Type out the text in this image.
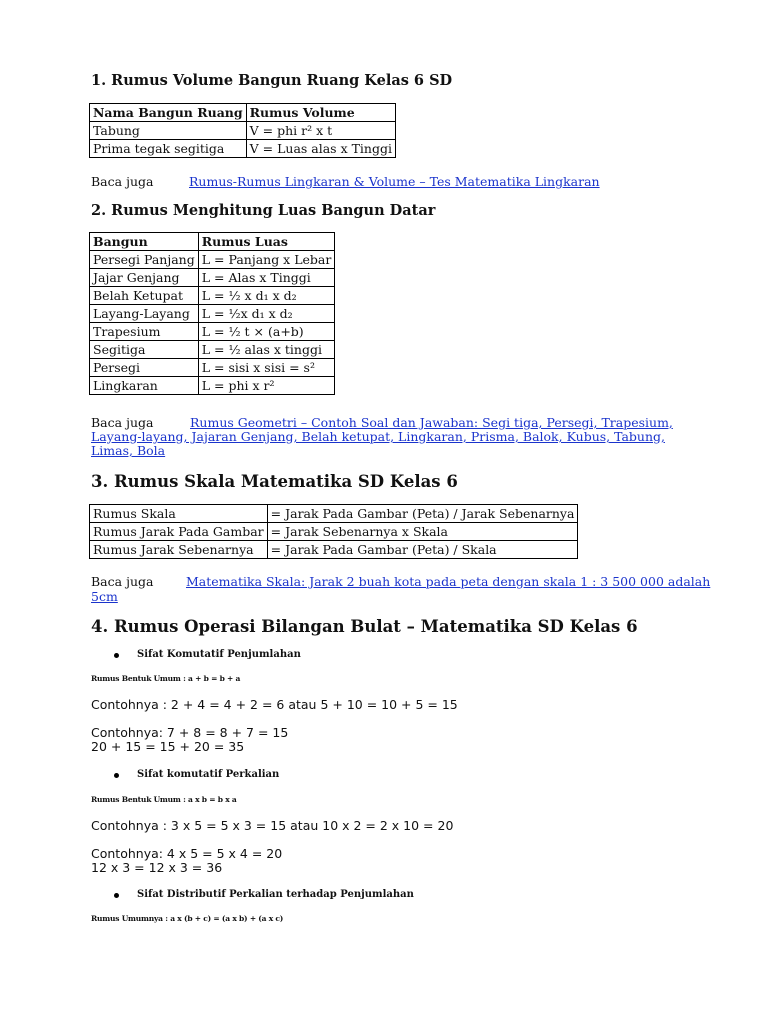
1. Rumus Volume Bangun Ruang Kelas 6 SD
Nama Bangun Ruang	Rumus Volume
Tabung	V = phi r² x t
Prima tegak segitiga	V = Luas alas x Tinggi
Baca juga	Rumus-Rumus Lingkaran & Volume – Tes Matematika Lingkaran
2. Rumus Menghitung Luas Bangun Datar
Bangun	Rumus Luas
Persegi Panjang	L = Panjang x Lebar
Jajar Genjang	L = Alas x Tinggi
Belah Ketupat	L = ½ x d₁ x d₂
Layang-Layang	L = ½x d₁ x d₂
Trapesium	L = ½ t × (a+b)
Segitiga	L = ½ alas x tinggi
Persegi	L = sisi x sisi = s²
Lingkaran	L = phi x r²
Baca juga	Rumus Geometri – Contoh Soal dan Jawaban: Segi tiga, Persegi, Trapesium,
Layang-layang, Jajaran Genjang, Belah ketupat, Lingkaran, Prisma, Balok, Kubus, Tabung,
Limas, Bola
3. Rumus Skala Matematika SD Kelas 6
Rumus Skala	= Jarak Pada Gambar (Peta) / Jarak Sebenarnya
Rumus Jarak Pada Gambar	= Jarak Sebenarnya x Skala
Rumus Jarak Sebenarnya	= Jarak Pada Gambar (Peta) / Skala
Baca juga	Matematika Skala: Jarak 2 buah kota pada peta dengan skala 1 : 3 500 000 adalah
5cm
4. Rumus Operasi Bilangan Bulat – Matematika SD Kelas 6
Sifat Komutatif Penjumlahan
Rumus Bentuk Umum : a + b = b + a
Contohnya : 2 + 4 = 4 + 2 = 6 atau 5 + 10 = 10 + 5 = 15
Contohnya: 7 + 8 = 8 + 7 = 15
20 + 15 = 15 + 20 = 35
Sifat komutatif Perkalian
Rumus Bentuk Umum : a x b = b x a
Contohnya : 3 x 5 = 5 x 3 = 15 atau 10 x 2 = 2 x 10 = 20
Contohnya: 4 x 5 = 5 x 4 = 20
12 x 3 = 12 x 3 = 36
Sifat Distributif Perkalian terhadap Penjumlahan
Rumus Umumnya : a x (b + c) = (a x b) + (a x c)
